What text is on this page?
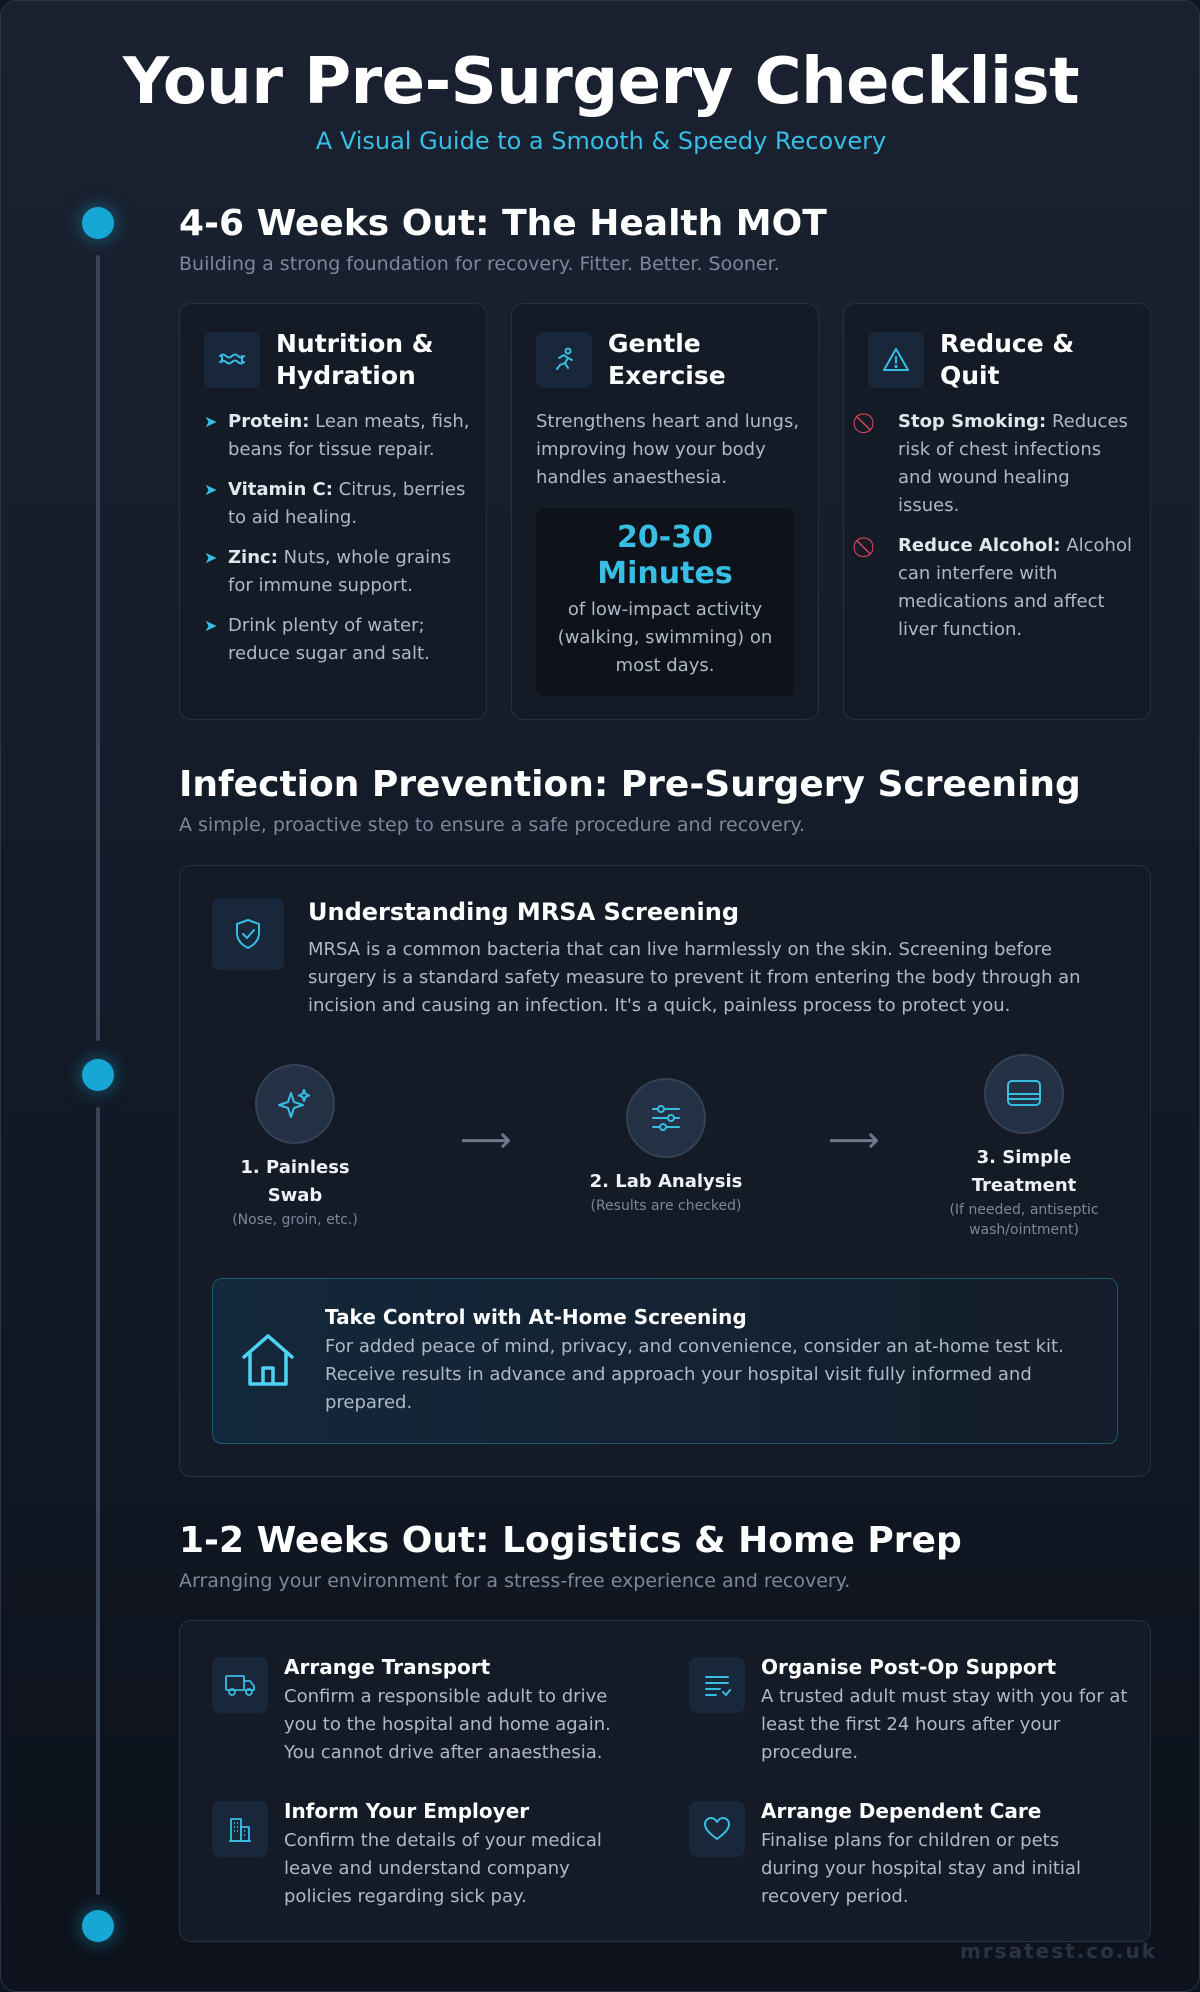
Your Pre-Surgery Checklist
A Visual Guide to a Smooth & Speedy Recovery
4-6 Weeks Out: The Health MOT
Building a strong foundation for recovery. Fitter. Better. Sooner.
Nutrition & Hydration
➤ Protein: Lean meats, fish, beans for tissue repair.
➤ Vitamin C: Citrus, berries to aid healing.
➤ Zinc: Nuts, whole grains for immune support.
➤ Drink plenty of water; reduce sugar and salt.
Gentle Exercise
Strengthens heart and lungs, improving how your body handles anaesthesia.
20-30 Minutes
of low-impact activity (walking, swimming) on most days.
Reduce & Quit
Stop Smoking: Reduces risk of chest infections and wound healing issues.
Reduce Alcohol: Alcohol can interfere with medications and affect liver function.
Infection Prevention: Pre-Surgery Screening
A simple, proactive step to ensure a safe procedure and recovery.
Understanding MRSA Screening
MRSA is a common bacteria that can live harmlessly on the skin. Screening before surgery is a standard safety measure to prevent it from entering the body through an incision and causing an infection. It's a quick, painless process to protect you.
1. Painless Swab
(Nose, groin, etc.)
⟶
2. Lab Analysis
(Results are checked)
⟶	3. Simple Treatment
(If needed, antiseptic wash/ointment)
Take Control with At-Home Screening
For added peace of mind, privacy, and convenience, consider an at-home test kit. Receive results in advance and approach your hospital visit fully informed and prepared.
1-2 Weeks Out: Logistics & Home Prep
Arranging your environment for a stress-free experience and recovery.
Arrange Transport
Confirm a responsible adult to drive you to the hospital and home again. You cannot drive after anaesthesia.
Organise Post-Op Support
A trusted adult must stay with you for at least the first 24 hours after your procedure.
Inform Your Employer
Confirm the details of your medical leave and understand company policies regarding sick pay.
Arrange Dependent Care
Finalise plans for children or pets during your hospital stay and initial recovery period.
mrsatest.co.uk
